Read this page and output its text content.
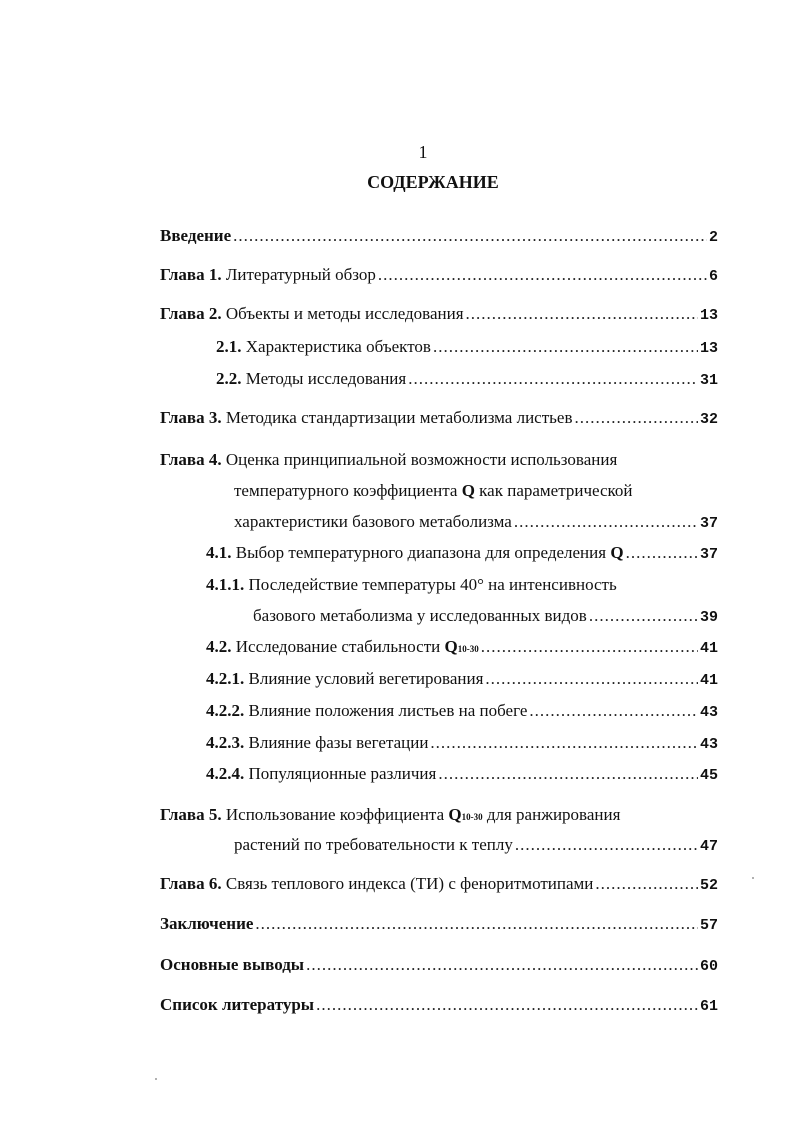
1
СОДЕРЖАНИЕ
Введение .....	2
Глава 1.
Литературный обзор .....	6
Глава 2.
Объекты и методы исследования .....	13
2.1.
Характеристика объектов .....	13
2.2.
Методы исследования .....	31
Глава 3.
Методика стандартизации метаболизма листьев .....	32
Глава 4.
Оценка принципиальной возможности использования
температурного коэффициента
Q
как параметрической
характеристики базового метаболизма .....	37
4.1.
Выбор температурного диапазона для определения
Q .....	37
4.1.1.
Последействие температуры 40° на интенсивность
базового метаболизма у исследованных видов .....	39
4.2.
Исследование стабильности
Q 10-30 .....	41
4.2.1.
Влияние условий вегетирования .....	41
4.2.2.
Влияние положения листьев на побеге .....	43
4.2.3.
Влияние фазы вегетации .....	43
4.2.4.
Популяционные различия .....	45
Глава 5.
Использование коэффициента
Q 10-30
для ранжирования
растений по требовательности к теплу .....	47
Глава 6.
Связь теплового индекса (ТИ) с феноритмотипами .....	52
Заключение .....	57
Основные выводы .....	60
Список литературы .....	61
